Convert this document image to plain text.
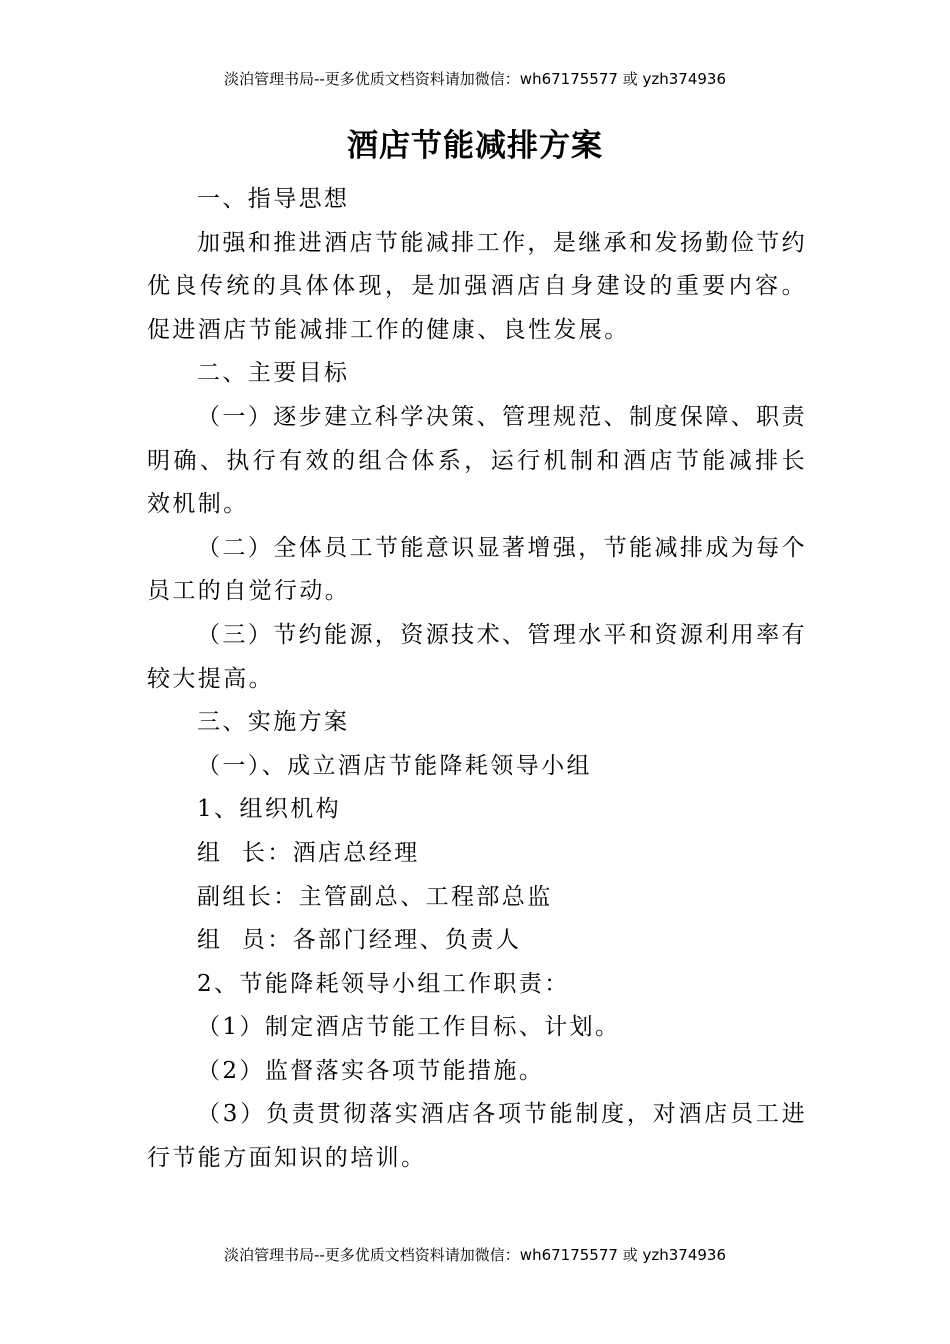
淡泊管理书局--更多优质文档资料请加微信：wh67175577 或 yzh374936
酒店节能减排方案

一、指导思想

加强和推进酒店节能减排工作，是继承和发扬勤俭节约优良传统的具体体现，是加强酒店自身建设的重要内容。促进酒店节能减排工作的健康、良性发展。

二、主要目标

（一）逐步建立科学决策、管理规范、制度保障、职责明确、执行有效的组合体系，运行机制和酒店节能减排长效机制。

（二）全体员工节能意识显著增强，节能减排成为每个员工的自觉行动。

（三）节约能源，资源技术、管理水平和资源利用率有较大提高。

三、实施方案

（一）、成立酒店节能降耗领导小组

1、组织机构

组  长：酒店总经理

副组长：主管副总、工程部总监

组  员：各部门经理、负责人

2、节能降耗领导小组工作职责：

（1）制定酒店节能工作目标、计划。

（2）监督落实各项节能措施。

（3）负责贯彻落实酒店各项节能制度，对酒店员工进行节能方面知识的培训。

淡泊管理书局--更多优质文档资料请加微信：wh67175577 或 yzh374936
